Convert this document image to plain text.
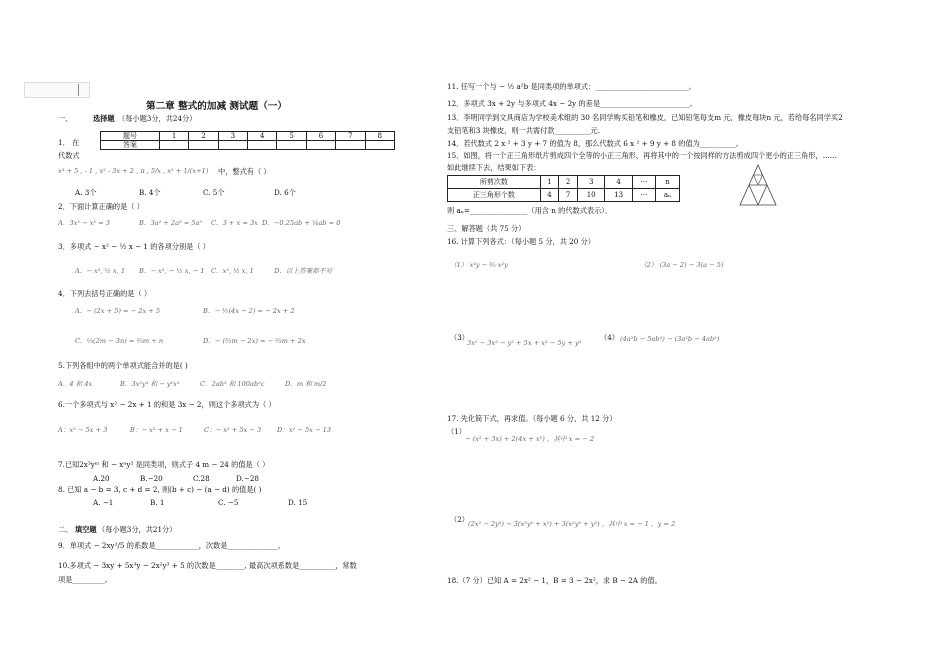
第二章 整式的加减 测试题（一）
一、	选择题 （每小题3分，共24分）
题号	1	2	3	4	5	6	7	8
答案								
1． 在
代数式
x² + 5 , - 1 , x² - 3x + 2 , π , 5/x , x² + 1/(x+1) 中，整式有（ ）
A. 3个	B. 4个	C. 5个	D. 6个
2．下面计算正确的是（ ）
A．3x² − x² = 3	B．3a² + 2a³ = 5a⁵ C．3 + x = 3x D．−0.25ab + ¼ab = 0
3．多项式 − x² − ½ x − 1 的各项分别是（ ）
A．− x², ½ x, 1 B．− x², − ½ x, − 1 C．x², ½ x, 1	D．以上答案都不对
4．下列去括号正确的是（ ）
A．− (2x + 5) = − 2x + 5	B．− ½(4x − 2) = − 2x + 2
C．⅓(2m − 3n) = ⅔m + n	D．− (⅔m − 2x) = − ⅔m + 2x
5.下列各组中的两个单项式能合并的是( )
A．4 和 4x	B．3x²y³ 和 − y²x³	C．2ab² 和 100ab²c	D．m 和 m/2
6.一个多项式与 x² − 2x + 1 的和是 3x − 2，则这个多项式为（ ）
A：x² − 5x + 3	B：− x² + x − 1	C：− x² + 5x − 3 D：x² − 5x − 13
7.已知2x³yᵐ 和 − xⁿy² 是同类项，则式子 4 m − 24 的值是（ ）
A.20	B.−20	C.28	D.−28
8. 已知 a − b = 3, c + d = 2, 则(b + c) − (a − d) 的值是( )
A. −1	B. 1	C. −5	D. 15
二、 填空题 （每小题3分，共21分）
9．单项式 − 2xy²/5 的系数是____________，次数是______________。
10.多项式 − 3xy + 5x³y − 2x²y³ + 5 的次数是________, 最高次项系数是__________，常数
项是_________。
11. 任写一个与 − ½ a²b 是同类项的单项式：__________________________。
12．多项式 3x + 2y 与多项式 4x − 2y 的差是_________________________。
13．李明同学到文具商店为学校美术组的 30 名同学购买铅笔和橡皮，已知铅笔每支m 元，橡皮每块n 元，若给每名同学买2
支铅笔和3 块橡皮，则一共需付款__________元.
14．若代数式 2 x ² + 3 y + 7 的值为 8，那么代数式 6 x ² + 9 y + 8 的值为__________。
15．如图，将一个正三角形纸片剪成四个全等的小正三角形，再将其中的一个按同样的方法剪成四个更小的正三角形，……
如此继续下去，结果如下表：
所剪次数	1	2	3	4	···	n
正三角形个数	4	7	10	13	···	aₙ
则 aₙ=________________（用含 n 的代数式表示）．
三、解答题（共 75 分）
16. 计算下列各式：（每小题 5 分，共 20 分）
（1） x²y − ⅗ x²y	（2） (3a − 2) − 3(a − 5)
（3）
3x² − 3x² − y² + 5x + x² − 5y + y²
（4） (4a²b − 5ab²) − (3a²b − 4ab²)
17. 先化简下式，再求值。（每小题 6 分，共 12 分）
（1）
− (x² + 3x) + 2(4x + x²) ，其中 x = − 2
（2） (2x² − 2y²) − 3(x²y² + x²) + 3(x²y² + y²) ，其中 x = − 1 ，y = 2
18.（7 分）已知 A = 2x² − 1，B = 3 − 2x²，求 B − 2A 的值。
